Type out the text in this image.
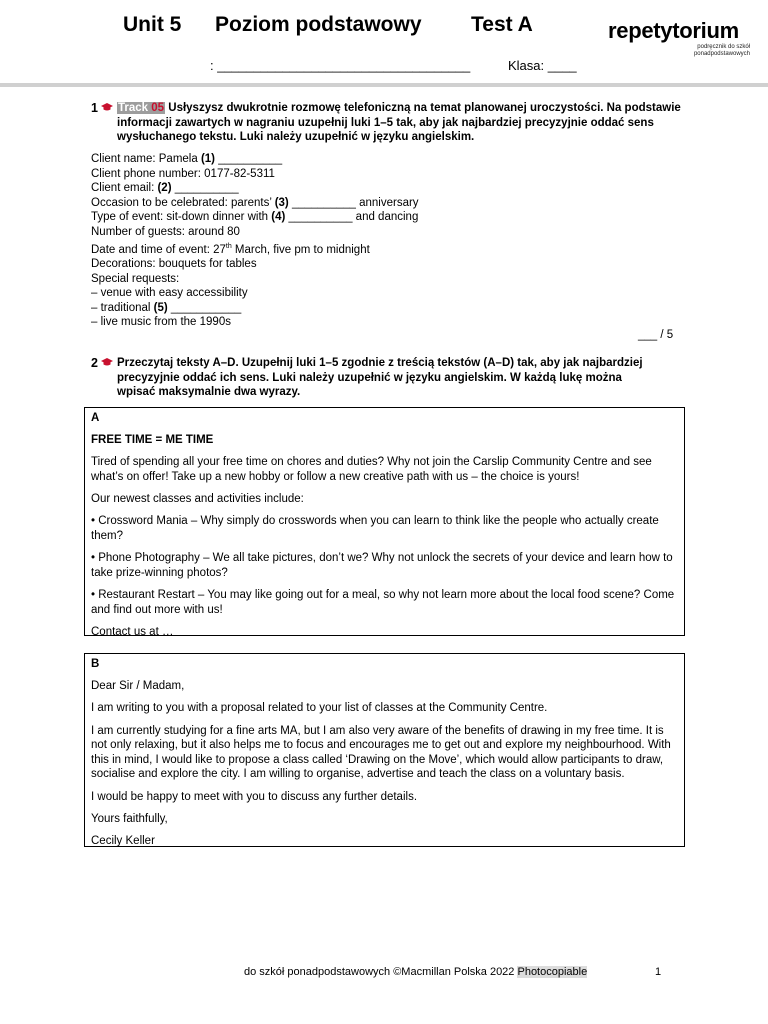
Unit 5 Poziom podstawowy Test A	repetytorium
podręcznik do szkół
ponadpodstawowych
: ___________________________________	Klasa: ____
1 Track 05 Usłyszysz dwukrotnie rozmowę telefoniczną na temat planowanej uroczystości. Na podstawie informacji zawartych w nagraniu uzupełnij luki 1–5 tak, aby jak najbardziej precyzyjnie oddać sens wysłuchanego tekstu. Luki należy uzupełnić w języku angielskim.
Client name: Pamela (1) __________
Client phone number: 0177-82-5311
Client email: (2) __________
Occasion to be celebrated: parents’ (3) __________ anniversary
Type of event: sit-down dinner with (4) __________ and dancing
Number of guests: around 80
Date and time of event: 27th March, five pm to midnight
Decorations: bouquets for tables
Special requests:
– venue with easy accessibility
– traditional (5) ___________
– live music from the 1990s
___ / 5
2 Przeczytaj teksty A–D. Uzupełnij luki 1–5 zgodnie z treścią tekstów (A–D) tak, aby jak najbardziej precyzyjnie oddać ich sens. Luki należy uzupełnić w języku angielskim. W każdą lukę można wpisać maksymalnie dwa wyrazy.

A

FREE TIME = ME TIME

Tired of spending all your free time on chores and duties? Why not join the Carslip Community Centre and see what’s on offer! Take up a new hobby or follow a new creative path with us – the choice is yours!

Our newest classes and activities include:

• Crossword Mania – Why simply do crosswords when you can learn to think like the people who actually create them?

• Phone Photography – We all take pictures, don’t we? Why not unlock the secrets of your device and learn how to take prize-winning photos?

• Restaurant Restart – You may like going out for a meal, so why not learn more about the local food scene? Come and find out more with us!

Contact us at …

B

Dear Sir / Madam,

I am writing to you with a proposal related to your list of classes at the Community Centre.

I am currently studying for a fine arts MA, but I am also very aware of the benefits of drawing in my free time. It is not only relaxing, but it also helps me to focus and encourages me to get out and explore my neighbourhood. With this in mind, I would like to propose a class called ‘Drawing on the Move’, which would allow participants to draw, socialise and explore the city. I am willing to organise, advertise and teach the class on a voluntary basis.

I would be happy to meet with you to discuss any further details.

Yours faithfully,

Cecily Keller

do szkół ponadpodstawowych ©Macmillan Polska 2022 Photocopiable	1
